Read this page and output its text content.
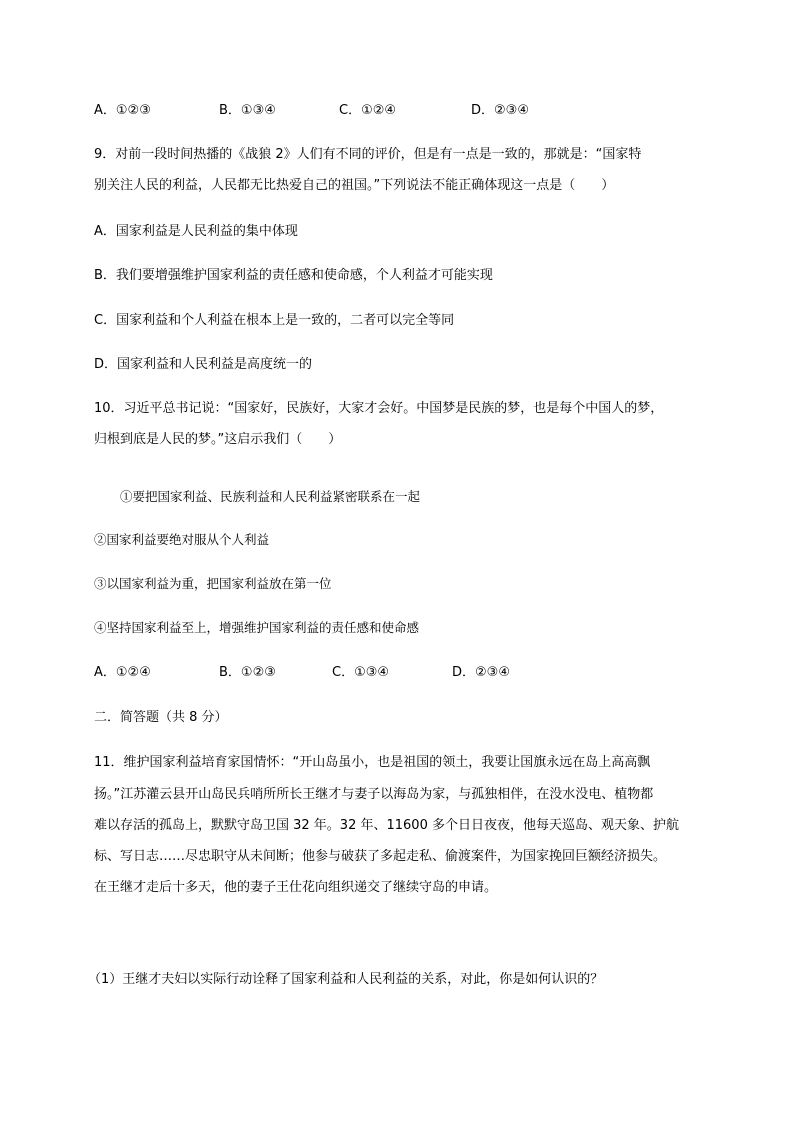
A．①②③	B．①③④	C．①②④	D．②③④

9．对前一段时间热播的《战狼 2》人们有不同的评价，但是有一点是一致的，那就是：“国家特

别关注人民的利益，人民都无比热爱自己的祖国。”下列说法不能正确体现这一点是（　　）

A．国家利益是人民利益的集中体现

B．我们要增强维护国家利益的责任感和使命感，个人利益才可能实现

C．国家利益和个人利益在根本上是一致的，二者可以完全等同

D．国家利益和人民利益是高度统一的

10．习近平总书记说：“国家好，民族好，大家才会好。中国梦是民族的梦，也是每个中国人的梦，

归根到底是人民的梦。”这启示我们（　　）

①要把国家利益、民族利益和人民利益紧密联系在一起

②国家利益要绝对服从个人利益

③以国家利益为重，把国家利益放在第一位

④坚持国家利益至上，增强维护国家利益的责任感和使命感

A．①②④	B．①②③	C．①③④	D．②③④

二．简答题（共 8 分）

11．维护国家利益培育家国情怀：“开山岛虽小，也是祖国的领土，我要让国旗永远在岛上高高飘

扬。”江苏灌云县开山岛民兵哨所所长王继才与妻子以海岛为家，与孤独相伴，在没水没电、植物都

难以存活的孤岛上，默默守岛卫国 32 年。32 年、11600 多个日日夜夜，他每天巡岛、观天象、护航

标、写日志……尽忠职守从未间断；他参与破获了多起走私、偷渡案件，为国家挽回巨额经济损失。

在王继才走后十多天，他的妻子王仕花向组织递交了继续守岛的申请。

（1）王继才夫妇以实际行动诠释了国家利益和人民利益的关系，对此，你是如何认识的？
